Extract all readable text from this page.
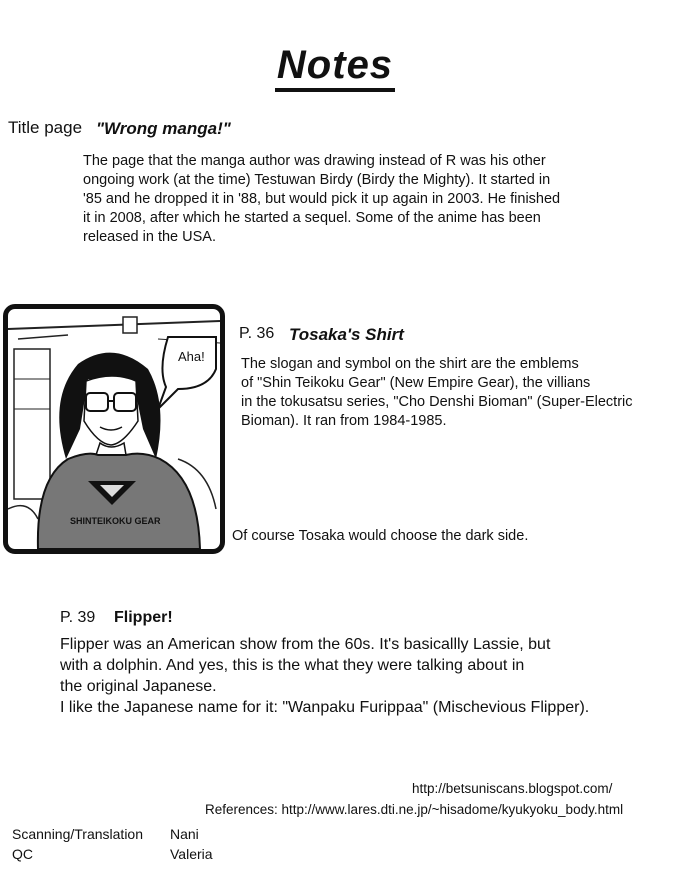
Notes
Title page "Wrong manga!"

The page that the manga author was drawing instead of R was his other

ongoing work (at the time) Testuwan Birdy (Birdy the Mighty). It started in

'85 and he dropped it in '88, but would pick it up again in 2003. He finished

it in 2008, after which he started a sequel. Some of the anime has been

released in the USA.

Aha!
SHINTEIKOKU GEAR
P. 36 Tosaka's Shirt

The slogan and symbol on the shirt are the emblems

of "Shin Teikoku Gear" (New Empire Gear), the villians

in the tokusatsu series, "Cho Denshi Bioman" (Super-Electric

Bioman). It ran from 1984-1985.

Of course Tosaka would choose the dark side.
P. 39 Flipper!

Flipper was an American show from the 60s. It's basicallly Lassie, but

with a dolphin. And yes, this is the what they were talking about in

the original Japanese.

I like the Japanese name for it: "Wanpaku Furippaa" (Mischevious Flipper).

http://betsuniscans.blogspot.com/
References: http://www.lares.dti.ne.jp/~hisadome/kyukyoku_body.html
Scanning/Translation
QC
Nani
Valeria
